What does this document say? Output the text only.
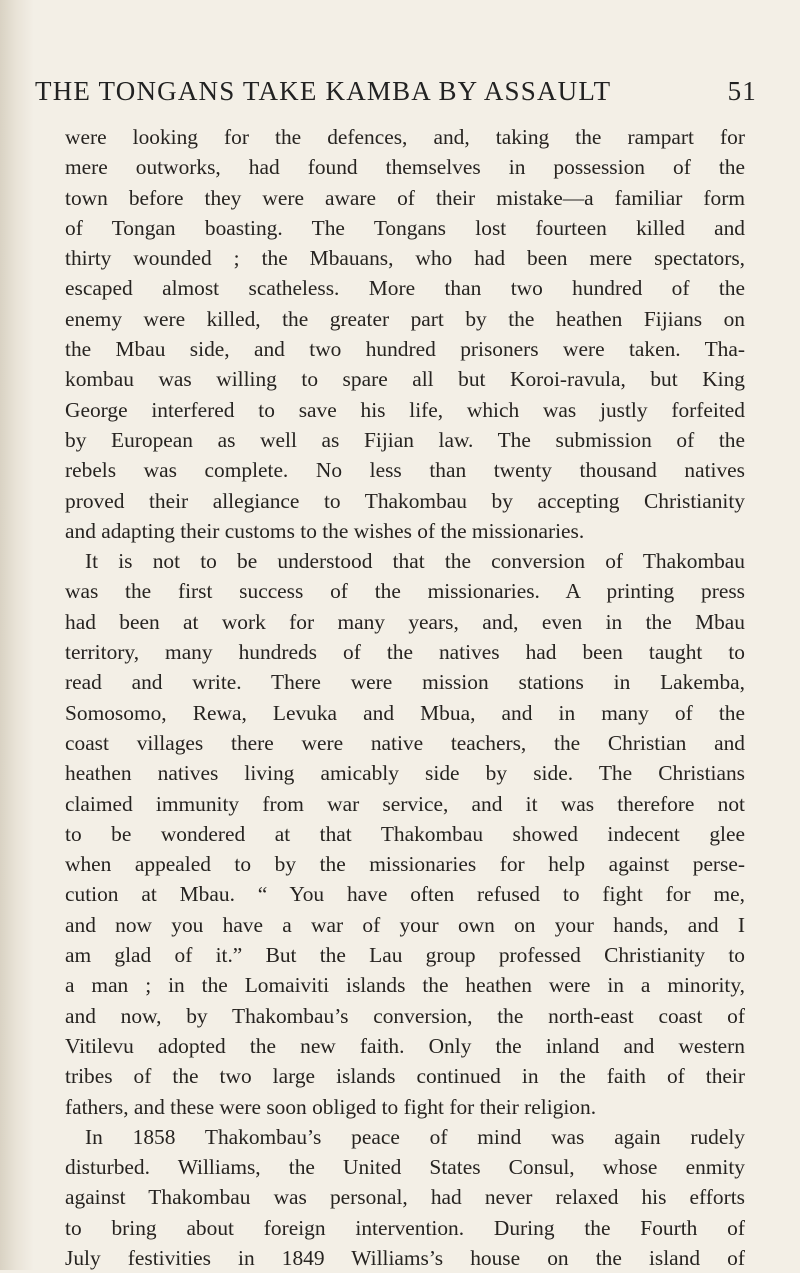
THE TONGANS TAKE KAMBA BY ASSAULT	51
were looking for the defences, and, taking the rampart for
mere outworks, had found themselves in possession of the
town before they were aware of their mistake—a familiar form
of Tongan boasting. The Tongans lost fourteen killed and
thirty wounded ; the Mbauans, who had been mere spectators,
escaped almost scatheless. More than two hundred of the
enemy were killed, the greater part by the heathen Fijians on
the Mbau side, and two hundred prisoners were taken. Tha-
kombau was willing to spare all but Koroi-ravula, but King
George interfered to save his life, which was justly forfeited
by European as well as Fijian law. The submission of the
rebels was complete. No less than twenty thousand natives
proved their allegiance to Thakombau by accepting Christianity
and adapting their customs to the wishes of the missionaries.
It is not to be understood that the conversion of Thakombau
was the first success of the missionaries. A printing press
had been at work for many years, and, even in the Mbau
territory, many hundreds of the natives had been taught to
read and write. There were mission stations in Lakemba,
Somosomo, Rewa, Levuka and Mbua, and in many of the
coast villages there were native teachers, the Christian and
heathen natives living amicably side by side. The Christians
claimed immunity from war service, and it was therefore not
to be wondered at that Thakombau showed indecent glee
when appealed to by the missionaries for help against perse-
cution at Mbau. “ You have often refused to fight for me,
and now you have a war of your own on your hands, and I
am glad of it.” But the Lau group professed Christianity to
a man ; in the Lomaiviti islands the heathen were in a minority,
and now, by Thakombau’s conversion, the north-east coast of
Vitilevu adopted the new faith. Only the inland and western
tribes of the two large islands continued in the faith of their
fathers, and these were soon obliged to fight for their religion.
In 1858 Thakombau’s peace of mind was again rudely
disturbed. Williams, the United States Consul, whose enmity
against Thakombau was personal, had never relaxed his efforts
to bring about foreign intervention. During the Fourth of
July festivities in 1849 Williams’s house on the island of
